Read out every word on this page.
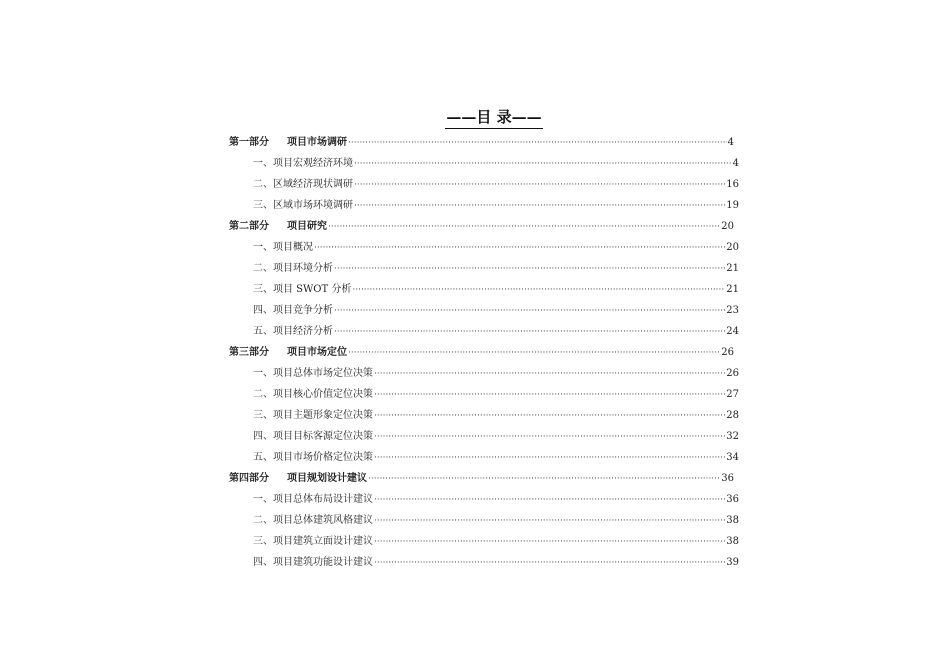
——目 录——
第一部分 项目市场调研 ·····	4
一、项目宏观经济环境 ·····	4
二、区域经济现状调研 ·····	16
三、区域市场环境调研 ·····	19
第二部分 项目研究 ·····	20
一、项目概况 ·····	20
二、项目环境分析 ·····	21
三、项目 SWOT 分析 ·····	21
四、项目竞争分析 ·····	23
五、项目经济分析 ·····	24
第三部分 项目市场定位 ·····	26
一、项目总体市场定位决策 ·····	26
二、项目核心价值定位决策 ·····	27
三、项目主题形象定位决策 ·····	28
四、项目目标客源定位决策 ·····	32
五、项目市场价格定位决策 ·····	34
第四部分 项目规划设计建议 ·····	36
一、项目总体布局设计建议 ·····	36
二、项目总体建筑风格建议 ·····	38
三、项目建筑立面设计建议 ·····	38
四、项目建筑功能设计建议 ·····	39
